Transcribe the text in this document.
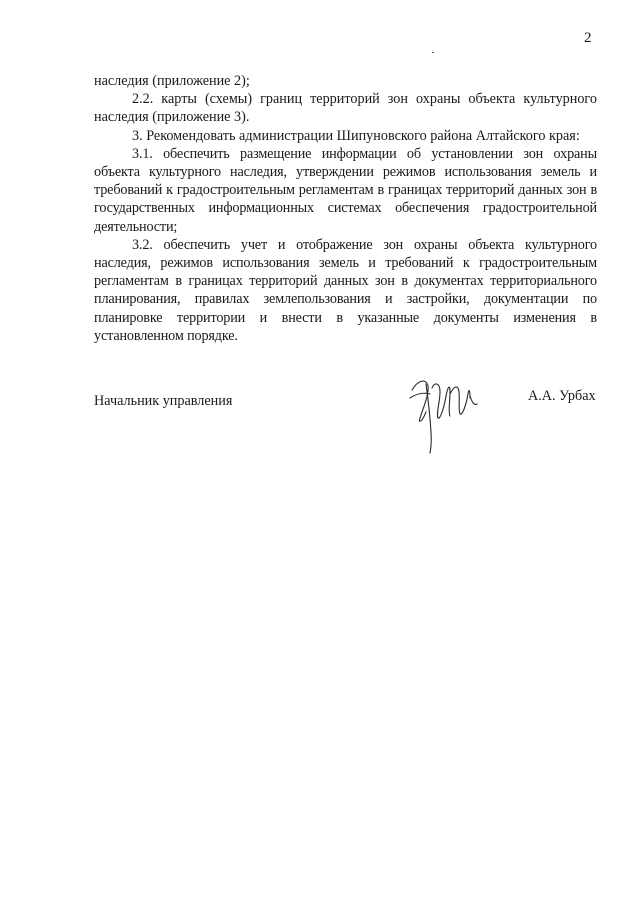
2

наследия (приложение 2);

2.2. карты (схемы) границ территорий зон охраны объекта культурного наследия (приложение 3).

3. Рекомендовать администрации Шипуновского района Алтайского края:

3.1. обеспечить размещение информации об установлении зон охраны объекта культурного наследия, утверждении режимов использования земель и требований к градостроительным регламентам в границах территорий данных зон в государственных информационных системах обеспечения градостроительной деятельности;

3.2. обеспечить учет и отображение зон охраны объекта культурного наследия, режимов использования земель и требований к градостроительным регламентам в границах территорий данных зон в документах территориального планирования, правилах землепользования и застройки, документации по планировке территории и внести в указанные документы изменения в установленном порядке.

Начальник управления	А.А. Урбах
